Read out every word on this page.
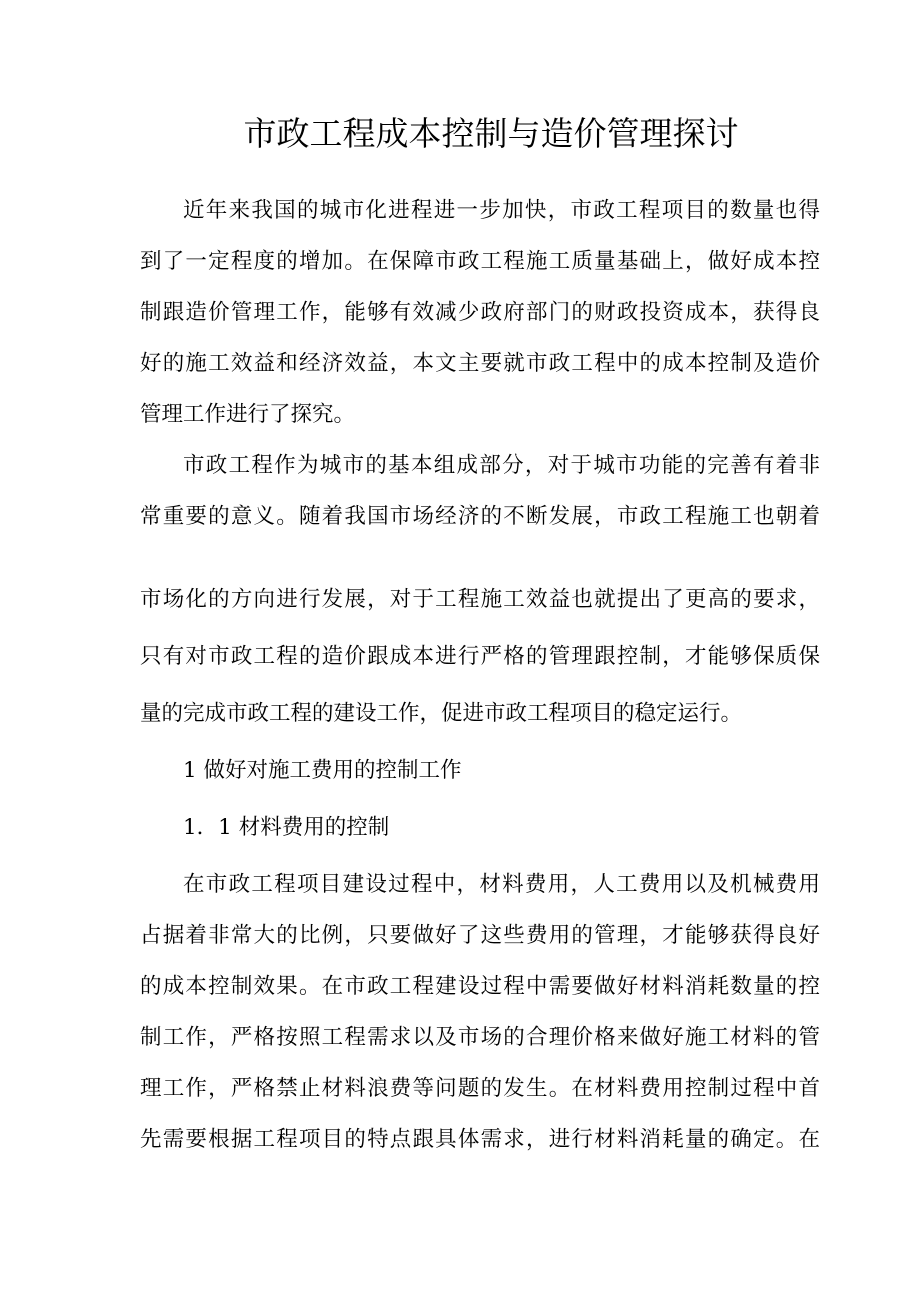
市政工程成本控制与造价管理探讨
近年来我国的城市化进程进一步加快，市政工程项目的数量也得
到了一定程度的增加。在保障市政工程施工质量基础上，做好成本控
制跟造价管理工作，能够有效减少政府部门的财政投资成本，获得良
好的施工效益和经济效益，本文主要就市政工程中的成本控制及造价
管理工作进行了探究。
市政工程作为城市的基本组成部分，对于城市功能的完善有着非
常重要的意义。随着我国市场经济的不断发展，市政工程施工也朝着
市场化的方向进行发展，对于工程施工效益也就提出了更高的要求，
只有对市政工程的造价跟成本进行严格的管理跟控制，才能够保质保
量的完成市政工程的建设工作，促进市政工程项目的稳定运行。
在市政工程项目建设过程中，材料费用，人工费用以及机械费用
占据着非常大的比例，只要做好了这些费用的管理，才能够获得良好
的成本控制效果。在市政工程建设过程中需要做好材料消耗数量的控
制工作，严格按照工程需求以及市场的合理价格来做好施工材料的管
理工作，严格禁止材料浪费等问题的发生。在材料费用控制过程中首
先需要根据工程项目的特点跟具体需求，进行材料消耗量的确定。在
1 做好对施工费用的控制工作
1．1 材料费用的控制
